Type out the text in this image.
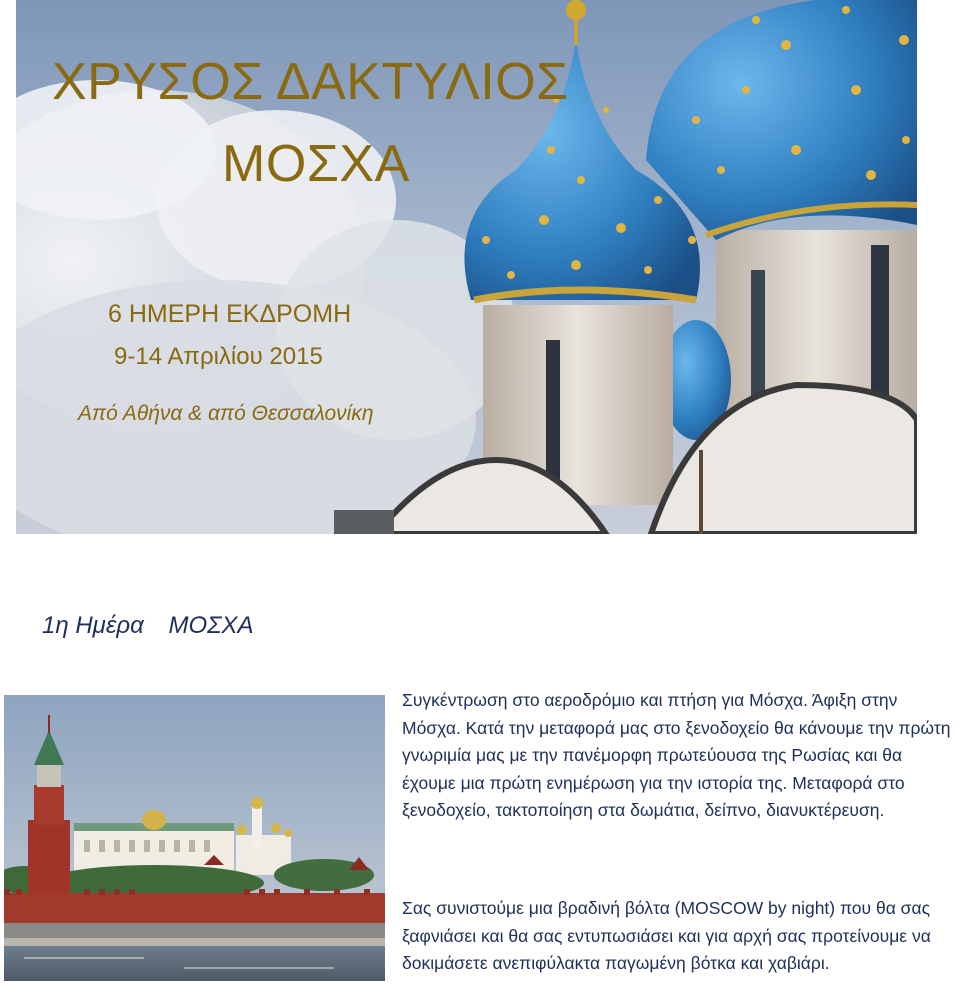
ΧΡΥΣΟΣ ΔΑΚΤΥΛΙΟΣ
ΜΟΣΧΑ
6 ΗΜΕΡΗ ΕΚΔΡΟΜΗ
9-14 Απριλίου 2015
Από Αθήνα & από Θεσσαλονίκη
1η Ημέρα ΜΟΣΧΑ

Συγκέντρωση στο αεροδρόμιο και πτήση για Μόσχα. Άφιξη στην Μόσχα. Κατά την μεταφορά μας στο ξενοδοχείο θα κάνουμε την πρώτη γνωριμία μας με την πανέμορφη πρωτεύουσα της Ρωσίας και θα έχουμε μια πρώτη ενημέρωση για την ιστορία της. Μεταφορά στο ξενοδοχείο, τακτοποίηση στα δωμάτια, δείπνο, διανυκτέρευση.

Σας συνιστούμε μια βραδινή βόλτα (MOSCOW by night) που θα σας ξαφνιάσει και θα σας εντυπωσιάσει και για αρχή σας προτείνουμε να δοκιμάσετε ανεπιφύλακτα παγωμένη βότκα και χαβιάρι.
